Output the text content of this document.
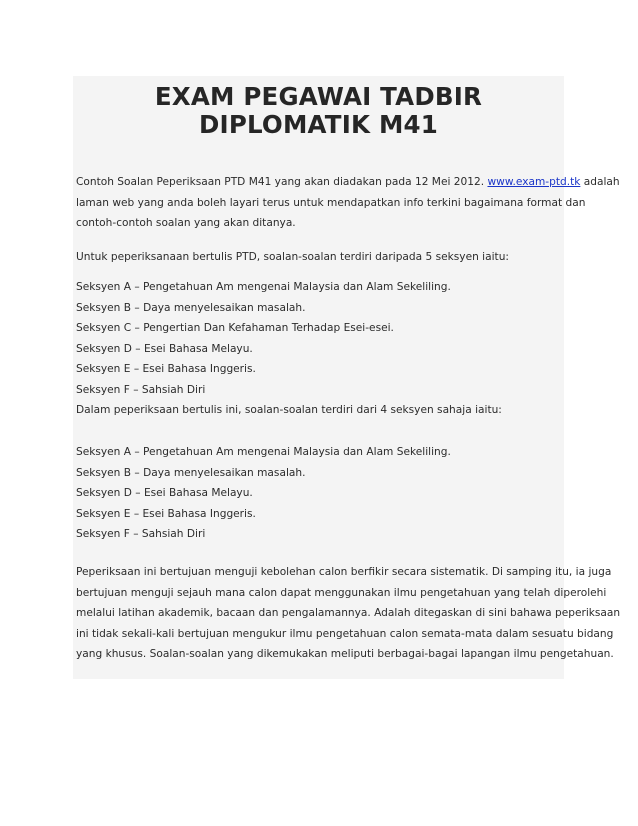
EXAM PEGAWAI TADBIR
DIPLOMATIK M41

Contoh Soalan Peperiksaan PTD M41 yang akan diadakan pada 12 Mei 2012. www.exam-ptd.tk adalah
laman web yang anda boleh layari terus untuk mendapatkan info terkini bagaimana format dan
contoh-contoh soalan yang akan ditanya.

Untuk peperiksanaan bertulis PTD, soalan-soalan terdiri daripada 5 seksyen iaitu:

Seksyen A – Pengetahuan Am mengenai Malaysia dan Alam Sekeliling.
Seksyen B – Daya menyelesaikan masalah.
Seksyen C – Pengertian Dan Kefahaman Terhadap Esei-esei.
Seksyen D – Esei Bahasa Melayu.
Seksyen E – Esei Bahasa Inggeris.
Seksyen F – Sahsiah Diri

Dalam peperiksaan bertulis ini, soalan-soalan terdiri dari 4 seksyen sahaja iaitu:

Seksyen A – Pengetahuan Am mengenai Malaysia dan Alam Sekeliling.
Seksyen B – Daya menyelesaikan masalah.
Seksyen D – Esei Bahasa Melayu.
Seksyen E – Esei Bahasa Inggeris.
Seksyen F – Sahsiah Diri
Peperiksaan ini bertujuan menguji kebolehan calon berfikir secara sistematik. Di samping itu, ia juga
bertujuan menguji sejauh mana calon dapat menggunakan ilmu pengetahuan yang telah diperolehi
melalui latihan akademik, bacaan dan pengalamannya. Adalah ditegaskan di sini bahawa peperiksaan
ini tidak sekali-kali bertujuan mengukur ilmu pengetahuan calon semata-mata dalam sesuatu bidang
yang khusus. Soalan-soalan yang dikemukakan meliputi berbagai-bagai lapangan ilmu pengetahuan.
